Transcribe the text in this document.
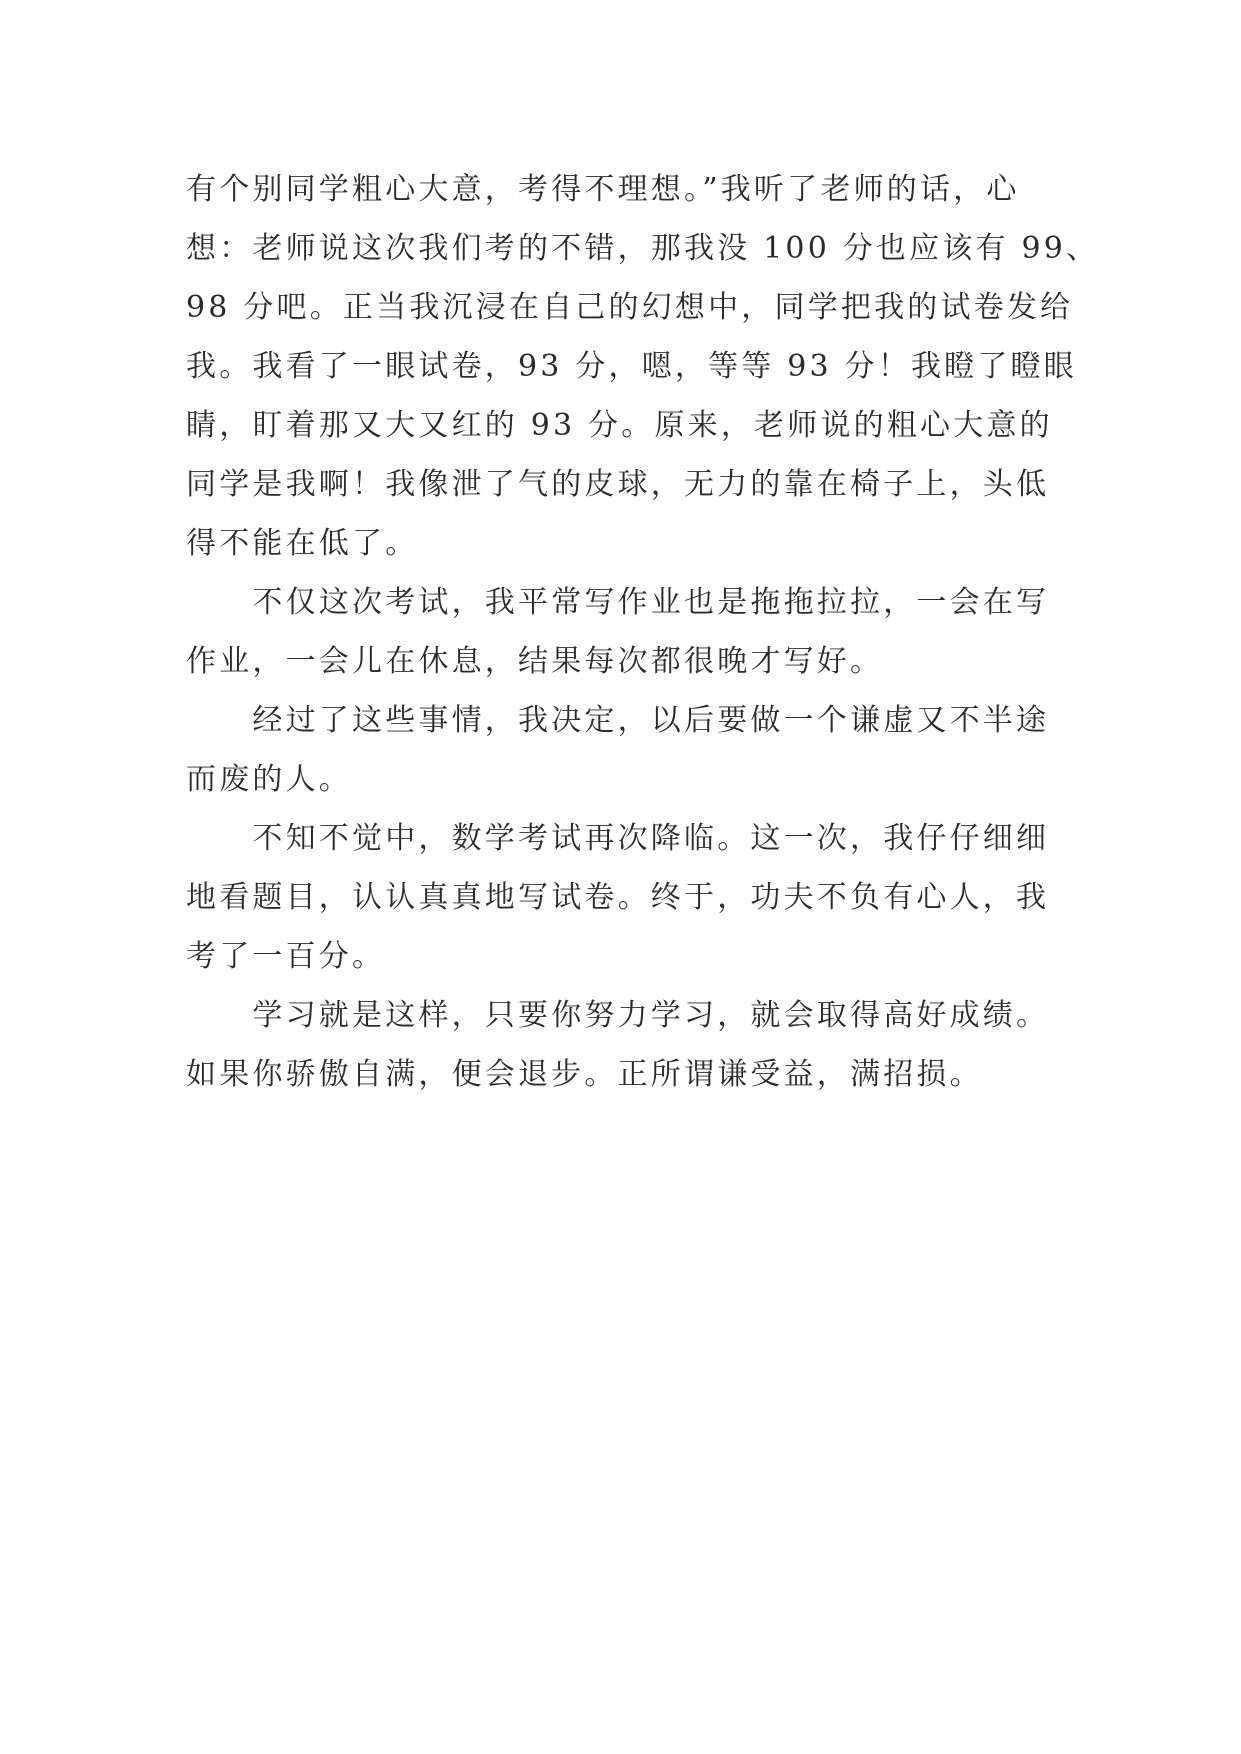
有个别同学粗心大意，考得不理想。”我听了老师的话，心
想：老师说这次我们考的不错，那我没 100 分也应该有 99、
98 分吧。正当我沉浸在自己的幻想中，同学把我的试卷发给
我。我看了一眼试卷，93 分，嗯，等等 93 分！我瞪了瞪眼
睛，盯着那又大又红的 93 分。原来，老师说的粗心大意的
同学是我啊！我像泄了气的皮球，无力的靠在椅子上，头低
得不能在低了。
　　不仅这次考试，我平常写作业也是拖拖拉拉，一会在写
作业，一会儿在休息，结果每次都很晚才写好。
　　经过了这些事情，我决定，以后要做一个谦虚又不半途
而废的人。
　　不知不觉中，数学考试再次降临。这一次，我仔仔细细
地看题目，认认真真地写试卷。终于，功夫不负有心人，我
考了一百分。
　　学习就是这样，只要你努力学习，就会取得高好成绩。
如果你骄傲自满，便会退步。正所谓谦受益，满招损。
